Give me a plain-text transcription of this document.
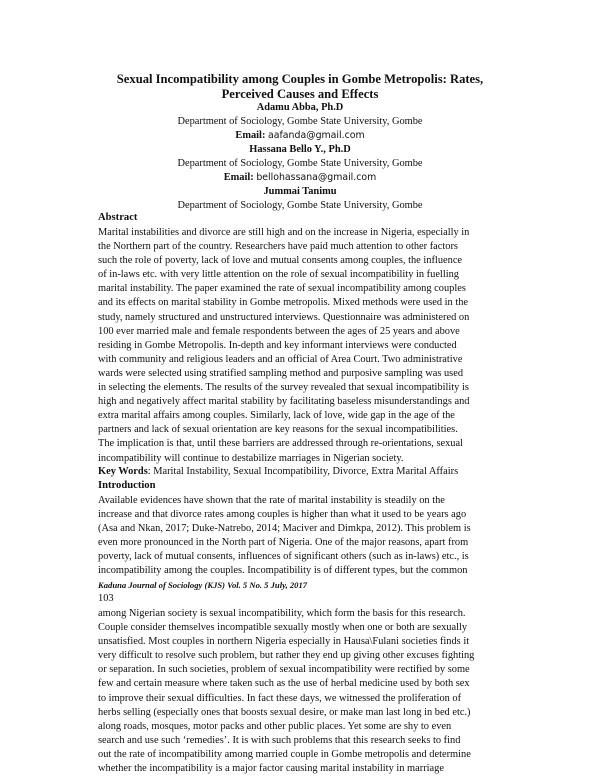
Sexual Incompatibility among Couples in Gombe Metropolis: Rates,
Perceived Causes and Effects
Adamu Abba, Ph.D
Department of Sociology, Gombe State University, Gombe
Email: aafanda@gmail.com
Hassana Bello Y., Ph.D
Department of Sociology, Gombe State University, Gombe
Email: bellohassana@gmail.com
Jummai Tanimu
Department of Sociology, Gombe State University, Gombe
Abstract
Marital instabilities and divorce are still high and on the increase in Nigeria, especially in
the Northern part of the country. Researchers have paid much attention to other factors
such the role of poverty, lack of love and mutual consents among couples, the influence
of in-laws etc. with very little attention on the role of sexual incompatibility in fuelling
marital instability. The paper examined the rate of sexual incompatibility among couples
and its effects on marital stability in Gombe metropolis. Mixed methods were used in the
study, namely structured and unstructured interviews. Questionnaire was administered on
100 ever married male and female respondents between the ages of 25 years and above
residing in Gombe Metropolis. In-depth and key informant interviews were conducted
with community and religious leaders and an official of Area Court. Two administrative
wards were selected using stratified sampling method and purposive sampling was used
in selecting the elements. The results of the survey revealed that sexual incompatibility is
high and negatively affect marital stability by facilitating baseless misunderstandings and
extra marital affairs among couples. Similarly, lack of love, wide gap in the age of the
partners and lack of sexual orientation are key reasons for the sexual incompatibilities.
The implication is that, until these barriers are addressed through re-orientations, sexual
incompatibility will continue to destabilize marriages in Nigerian society.
Key Words: Marital Instability, Sexual Incompatibility, Divorce, Extra Marital Affairs
Introduction
Available evidences have shown that the rate of marital instability is steadily on the
increase and that divorce rates among couples is higher than what it used to be years ago
(Asa and Nkan, 2017; Duke-Natrebo, 2014; Maciver and Dimkpa, 2012). This problem is
even more pronounced in the North part of Nigeria. One of the major reasons, apart from
poverty, lack of mutual consents, influences of significant others (such as in-laws) etc., is
incompatibility among the couples. Incompatibility is of different types, but the common
Kaduna Journal of Sociology (KJS) Vol. 5 No. 5 July, 2017
103
among Nigerian society is sexual incompatibility, which form the basis for this research.
Couple consider themselves incompatible sexually mostly when one or both are sexually
unsatisfied. Most couples in northern Nigeria especially in Hausa\Fulani societies finds it
very difficult to resolve such problem, but rather they end up giving other excuses fighting
or separation. In such societies, problem of sexual incompatibility were rectified by some
few and certain measure where taken such as the use of herbal medicine used by both sex
to improve their sexual difficulties. In fact these days, we witnessed the proliferation of
herbs selling (especially ones that boosts sexual desire, or make man last long in bed etc.)
along roads, mosques, motor packs and other public places. Yet some are shy to even
search and use such ‘remedies’. It is with such problems that this research seeks to find
out the rate of incompatibility among married couple in Gombe metropolis and determine
whether the incompatibility is a major factor causing marital instability in marriage
